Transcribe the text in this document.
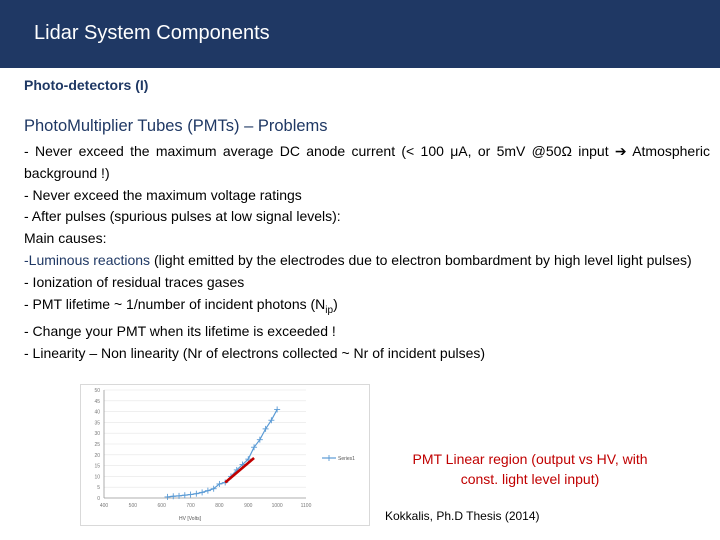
Lidar System Components
Photo-detectors (I)
PhotoMultiplier Tubes (PMTs) – Problems

- Never exceed the maximum average DC anode current (< 100 μA, or 5mV @50Ω input ➔ Atmospheric background !)

- Never exceed the maximum voltage ratings

- After pulses (spurious pulses at low signal levels):

Main causes:

-Luminous reactions (light emitted by the electrodes due to electron bombardment by high level light pulses)

- Ionization of residual traces gases

- PMT lifetime ~ 1/number of incident photons $(N_{ip})$

- Change your PMT when its lifetime is exceeded !

- Linearity – Non linearity (Nr of electrons collected ~ Nr of incident pulses)

0
5
10
15
20
25
30
35
40
45
50
400	500	600	700	800	900	1000	1100
HV [Volts]
Series1	PMT Linear region (output vs HV, with const. light level input)
Kokkalis, Ph.D Thesis (2014)
